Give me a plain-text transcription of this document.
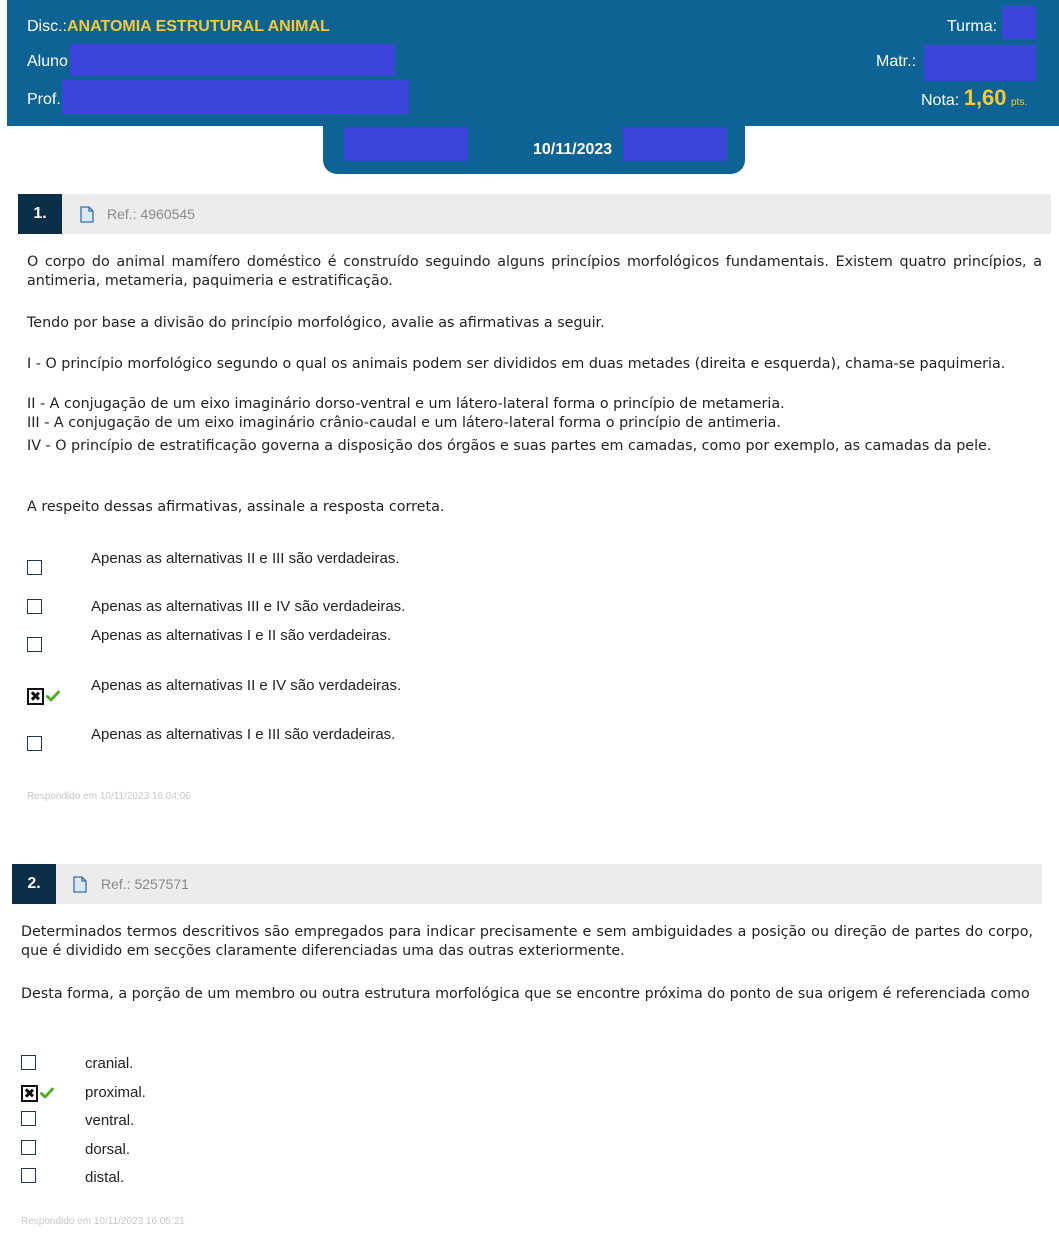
Disc.:ANATOMIA ESTRUTURAL ANIMAL	Turma:
Aluno	Matr.:
Prof.	Nota: 1,60 pts.
10/11/2023
1.	Ref.: 4960545
O corpo do animal mamífero doméstico é construído seguindo alguns princípios morfológicos fundamentais. Existem quatro princípios, a antimeria, metameria, paquimeria e estratificação.
Tendo por base a divisão do princípio morfológico, avalie as afirmativas a seguir.
I - O princípio morfológico segundo o qual os animais podem ser divididos em duas metades (direita e esquerda), chama-se paquimeria.
II - A conjugação de um eixo imaginário dorso-ventral e um látero-lateral forma o princípio de metameria.
III - A conjugação de um eixo imaginário crânio-caudal e um látero-lateral forma o princípio de antimeria.
IV - O princípio de estratificação governa a disposição dos órgãos e suas partes em camadas, como por exemplo, as camadas da pele.
A respeito dessas afirmativas, assinale a resposta correta.
Apenas as alternativas II e III são verdadeiras.
Apenas as alternativas III e IV são verdadeiras.
Apenas as alternativas I e II são verdadeiras.
Apenas as alternativas II e IV são verdadeiras.
Apenas as alternativas I e III são verdadeiras.
Respondido em 10/11/2023 16:04:06
2.	Ref.: 5257571
Determinados termos descritivos são empregados para indicar precisamente e sem ambiguidades a posição ou direção de partes do corpo, que é dividido em secções claramente diferenciadas uma das outras exteriormente.
Desta forma, a porção de um membro ou outra estrutura morfológica que se encontre próxima do ponto de sua origem é referenciada como
cranial.
proximal.
ventral.
dorsal.
distal.
Respondido em 10/11/2023 16:05:21
